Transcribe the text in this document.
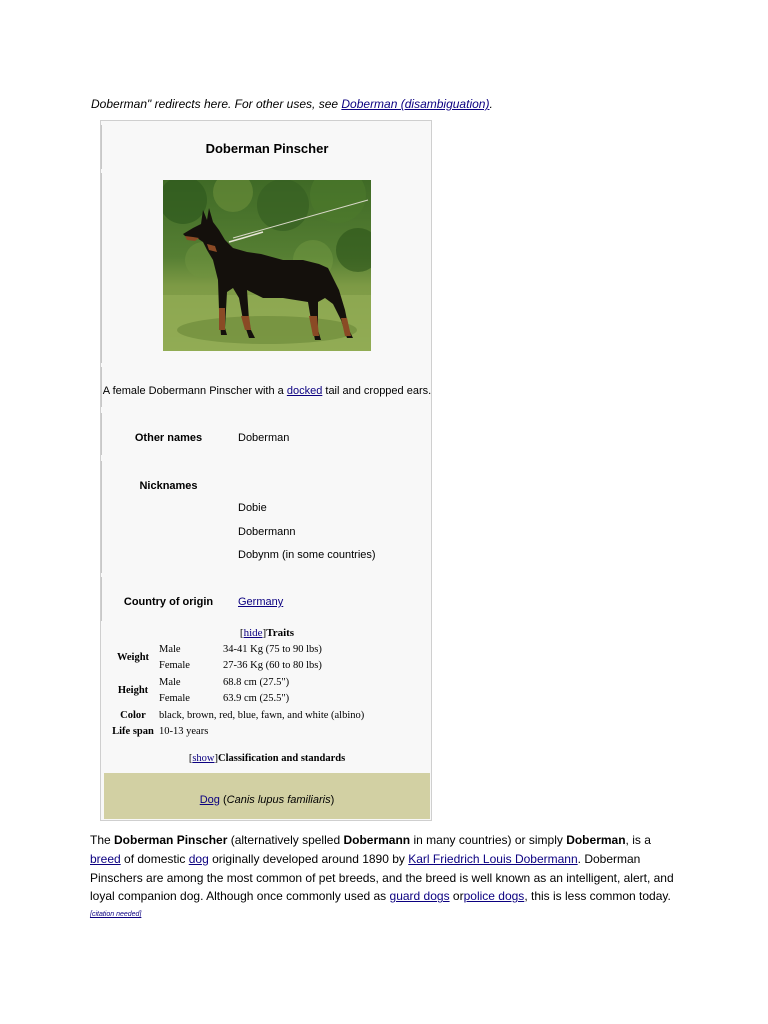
Doberman" redirects here. For other uses, see Doberman (disambiguation).
Doberman Pinscher
A female Dobermann Pinscher with a docked tail and cropped ears.
Other names	Doberman
Nicknames
Dobie
Dobermann
Dobynm (in some countries)
Country of origin	Germany
[hide]Traits
Weight	Male	34-41 Kg (75 to 90 lbs)
	Female	27-36 Kg (60 to 80 lbs)
Height	Male	68.8 cm (27.5")
	Female	63.9 cm (25.5")
Color	black, brown, red, blue, fawn, and white (albino)	
Life span	10-13 years	
[show]Classification and standards
Dog (Canis lupus familiaris)
The Doberman Pinscher (alternatively spelled Dobermann in many countries) or simply Doberman, is a breed of domestic dog originally developed around 1890 by Karl Friedrich Louis Dobermann. Doberman Pinschers are among the most common of pet breeds, and the breed is well known as an intelligent, alert, and loyal companion dog. Although once commonly used as guard dogs orpolice dogs, this is less common today.[citation needed]
